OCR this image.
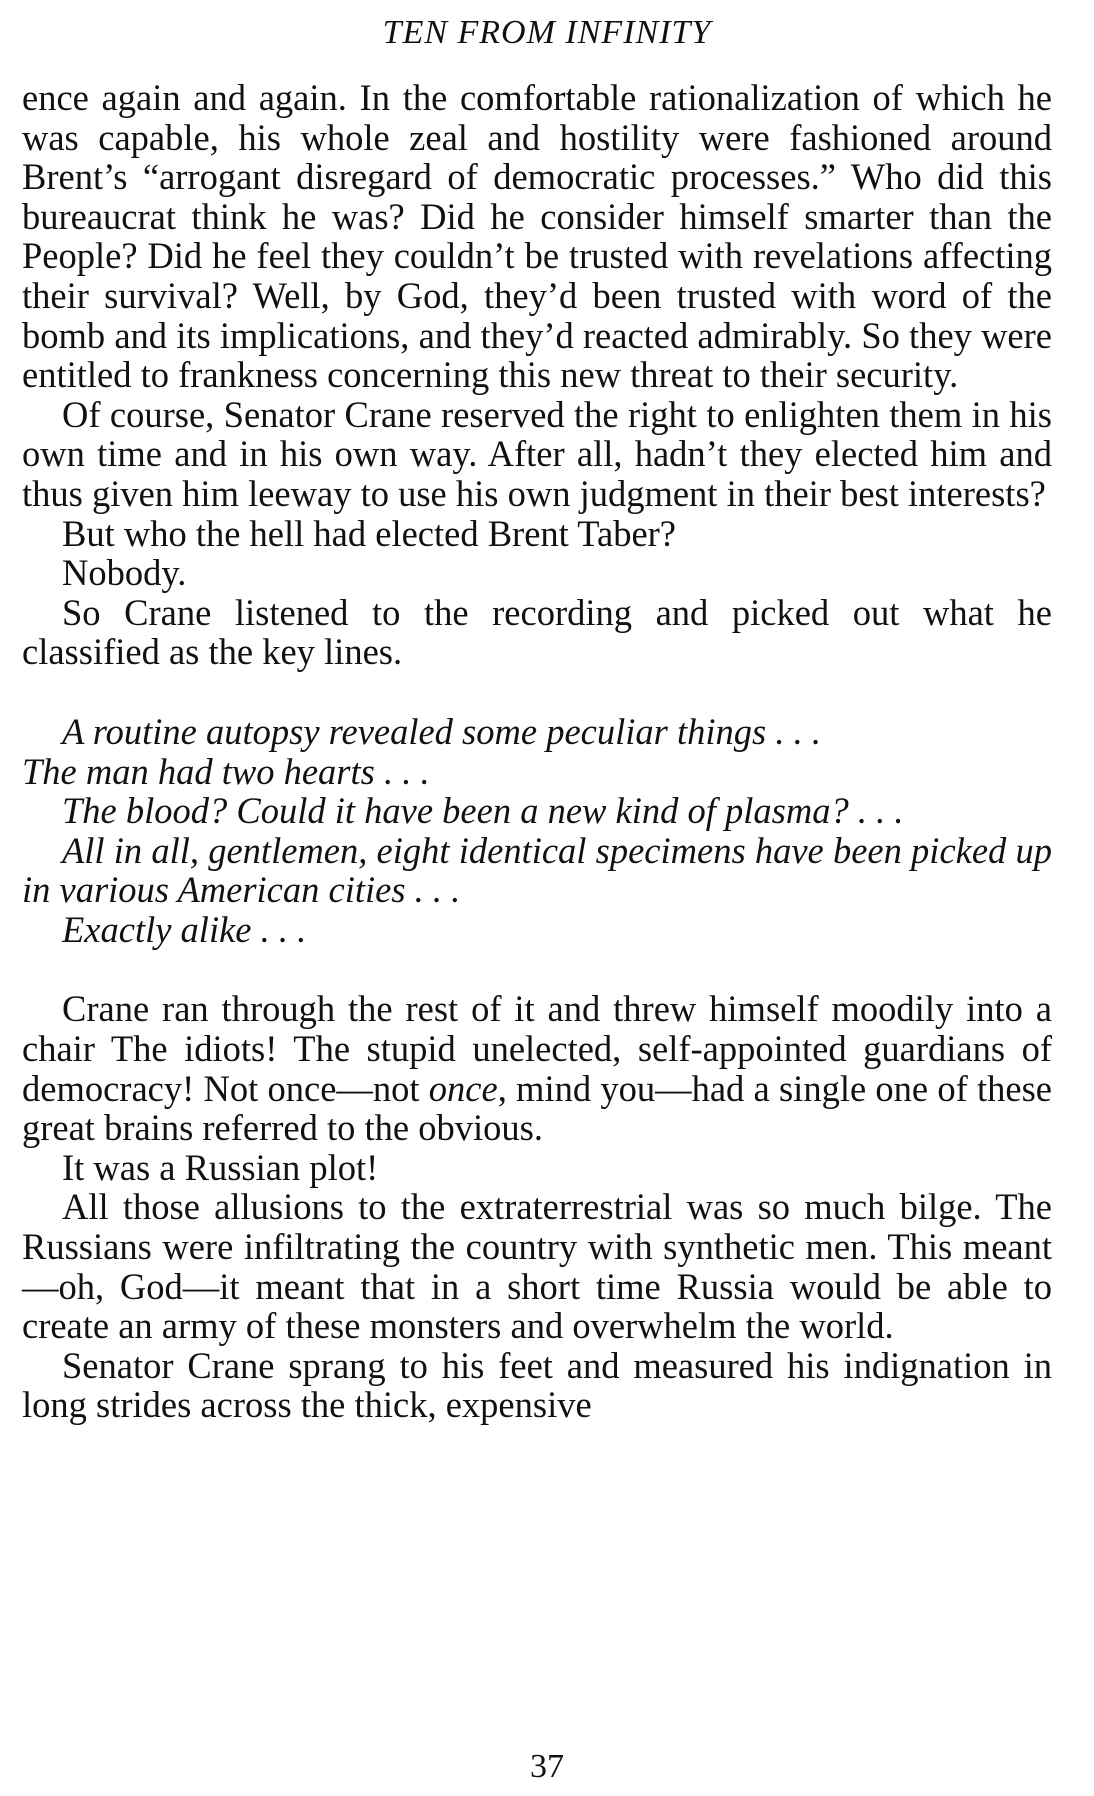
TEN FROM INFINITY

ence again and again. In the comfortable rationalization of which he was capable, his whole zeal and hostility were fashioned around Brent’s “arrogant disregard of democratic processes.” Who did this bureaucrat think he was? Did he consider himself smarter than the People? Did he feel they couldn’t be trusted with revelations affecting their survival? Well, by God, they’d been trusted with word of the bomb and its implications, and they’d reacted admirably. So they were entitled to frankness concerning this new threat to their security.

Of course, Senator Crane reserved the right to enlighten them in his own time and in his own way. After all, hadn’t they elected him and thus given him leeway to use his own judgment in their best interests?

But who the hell had elected Brent Taber?

Nobody.

So Crane listened to the recording and picked out what he classified as the key lines.

A routine autopsy revealed some peculiar things . . .

The man had two hearts . . .

The blood? Could it have been a new kind of plasma? . . .

All in all, gentlemen, eight identical specimens have been picked up in various American cities . . .

Exactly alike . . .

Crane ran through the rest of it and threw himself moodily into a chair The idiots! The stupid unelected, self-appointed guardians of democracy! Not once—not once, mind you—had a single one of these great brains referred to the obvious.

It was a Russian plot!

All those allusions to the extraterrestrial was so much bilge. The Russians were infiltrating the country with synthetic men. This meant—oh, God—it meant that in a short time Russia would be able to create an army of these monsters and overwhelm the world.

Senator Crane sprang to his feet and measured his indignation in long strides across the thick, expensive

37
